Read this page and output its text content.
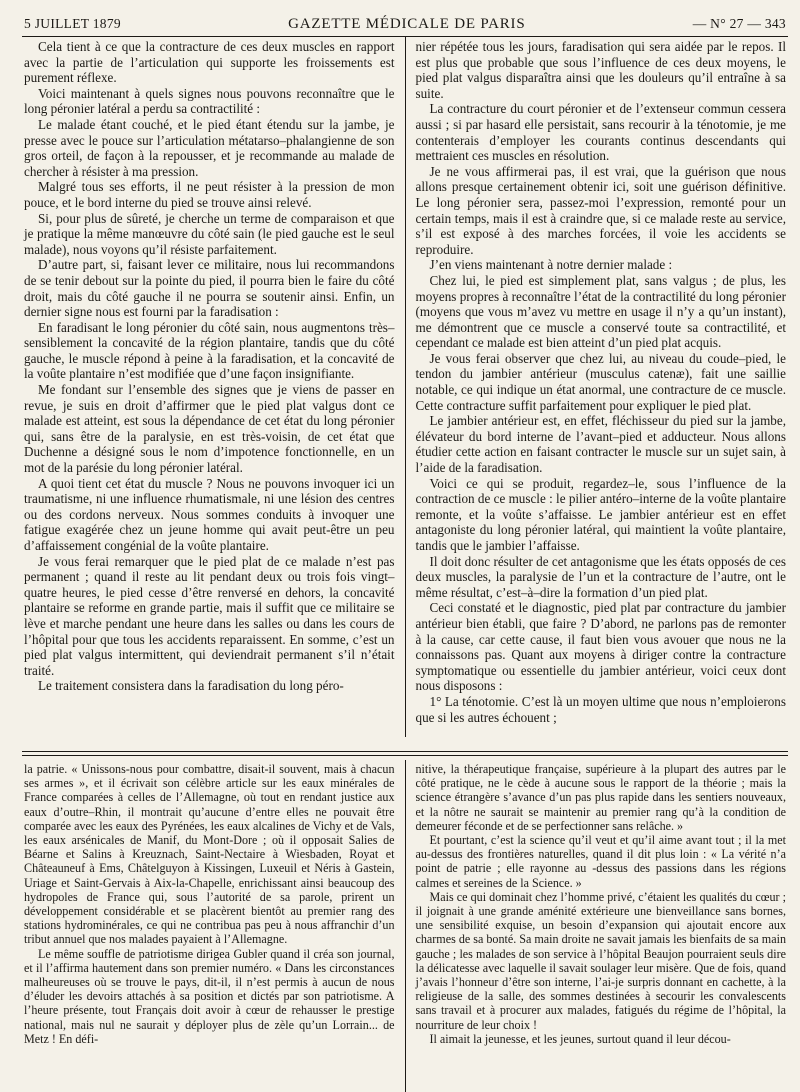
5 JUILLET 1879	GAZETTE MÉDICALE DE PARIS	— N° 27 — 343

Cela tient à ce que la contracture de ces deux muscles en rapport avec la partie de l’articulation qui supporte les froissements est purement réflexe.

Voici maintenant à quels signes nous pouvons reconnaître que le long péronier latéral a perdu sa contractilité :

Le malade étant couché, et le pied étant étendu sur la jambe, je presse avec le pouce sur l’articulation métatarso–phalangienne de son gros orteil, de façon à la repousser, et je recommande au malade de chercher à résister à ma pression.

Malgré tous ses efforts, il ne peut résister à la pression de mon pouce, et le bord interne du pied se trouve ainsi relevé.

Si, pour plus de sûreté, je cherche un terme de comparaison et que je pratique la même manœuvre du côté sain (le pied gauche est le seul malade), nous voyons qu’il résiste parfaitement.

D’autre part, si, faisant lever ce militaire, nous lui recommandons de se tenir debout sur la pointe du pied, il pourra bien le faire du côté droit, mais du côté gauche il ne pourra se soutenir ainsi. Enfin, un dernier signe nous est fourni par la faradisation :

En faradisant le long péronier du côté sain, nous augmentons très–sensiblement la concavité de la région plantaire, tandis que du côté gauche, le muscle répond à peine à la faradisation, et la concavité de la voûte plantaire n’est modifiée que d’une façon insignifiante.

Me fondant sur l’ensemble des signes que je viens de passer en revue, je suis en droit d’affirmer que le pied plat valgus dont ce malade est atteint, est sous la dépendance de cet état du long péronier qui, sans être de la paralysie, en est très-voisin, de cet état que Duchenne a désigné sous le nom d’impotence fonctionnelle, en un mot de la parésie du long péronier latéral.

A quoi tient cet état du muscle ? Nous ne pouvons invoquer ici un traumatisme, ni une influence rhumatismale, ni une lésion des centres ou des cordons nerveux. Nous sommes conduits à invoquer une fatigue exagérée chez un jeune homme qui avait peut-être un peu d’affaissement congénial de la voûte plantaire.

Je vous ferai remarquer que le pied plat de ce malade n’est pas permanent ; quand il reste au lit pendant deux ou trois fois vingt–quatre heures, le pied cesse d’être renversé en dehors, la concavité plantaire se reforme en grande partie, mais il suffit que ce militaire se lève et marche pendant une heure dans les salles ou dans les cours de l’hôpital pour que tous les accidents reparaissent. En somme, c’est un pied plat valgus intermittent, qui deviendrait permanent s’il n’était traité.

Le traitement consistera dans la faradisation du long péro-

nier répétée tous les jours, faradisation qui sera aidée par le repos. Il est plus que probable que sous l’influence de ces deux moyens, le pied plat valgus disparaîtra ainsi que les douleurs qu’il entraîne à sa suite.

La contracture du court péronier et de l’extenseur commun cessera aussi ; si par hasard elle persistait, sans recourir à la ténotomie, je me contenterais d’employer les courants continus descendants qui mettraient ces muscles en résolution.

Je ne vous affirmerai pas, il est vrai, que la guérison que nous allons presque certainement obtenir ici, soit une guérison définitive. Le long péronier sera, passez-moi l’expression, remonté pour un certain temps, mais il est à craindre que, si ce malade reste au service, s’il est exposé à des marches forcées, il voie les accidents se reproduire.

J’en viens maintenant à notre dernier malade :

Chez lui, le pied est simplement plat, sans valgus ; de plus, les moyens propres à reconnaître l’état de la contractilité du long péronier (moyens que vous m’avez vu mettre en usage il n’y a qu’un instant), me démontrent que ce muscle a conservé toute sa contractilité, et cependant ce malade est bien atteint d’un pied plat acquis.

Je vous ferai observer que chez lui, au niveau du coude–pied, le tendon du jambier antérieur (musculus catenæ), fait une saillie notable, ce qui indique un état anormal, une contracture de ce muscle. Cette contracture suffit parfaitement pour expliquer le pied plat.

Le jambier antérieur est, en effet, fléchisseur du pied sur la jambe, élévateur du bord interne de l’avant–pied et adducteur. Nous allons étudier cette action en faisant contracter le muscle sur un sujet sain, à l’aide de la faradisation.

Voici ce qui se produit, regardez–le, sous l’influence de la contraction de ce muscle : le pilier antéro–interne de la voûte plantaire remonte, et la voûte s’affaisse. Le jambier antérieur est en effet antagoniste du long péronier latéral, qui maintient la voûte plantaire, tandis que le jambier l’affaisse.

Il doit donc résulter de cet antagonisme que les états opposés de ces deux muscles, la paralysie de l’un et la contracture de l’autre, ont le même résultat, c’est–à–dire la formation d’un pied plat.

Ceci constaté et le diagnostic, pied plat par contracture du jambier antérieur bien établi, que faire ? D’abord, ne parlons pas de remonter à la cause, car cette cause, il faut bien vous avouer que nous ne la connaissons pas. Quant aux moyens à diriger contre la contracture symptomatique ou essentielle du jambier antérieur, voici ceux dont nous disposons :

1° La ténotomie. C’est là un moyen ultime que nous n’emploierons que si les autres échouent ;

la patrie. « Unissons-nous pour combattre, disait-il souvent, mais à chacun ses armes », et il écrivait son célèbre article sur les eaux minérales de France comparées à celles de l’Allemagne, où tout en rendant justice aux eaux d’outre–Rhin, il montrait qu’aucune d’entre elles ne pouvait être comparée avec les eaux des Pyrénées, les eaux alcalines de Vichy et de Vals, les eaux arsénicales de Manif, du Mont-Dore ; où il opposait Salies de Béarne et Salins à Kreuznach, Saint-Nectaire à Wiesbaden, Royat et Châteauneuf à Ems, Châtelguyon à Kissingen, Luxeuil et Néris à Gastein, Uriage et Saint-Gervais à Aix-la-Chapelle, enrichissant ainsi beaucoup des hydropoles de France qui, sous l’autorité de sa parole, prirent un développement considérable et se placèrent bientôt au premier rang des stations hydrominérales, ce qui ne contribua pas peu à nous affranchir d’un tribut annuel que nos malades payaient à l’Allemagne.

Le même souffle de patriotisme dirigea Gubler quand il créa son journal, et il l’affirma hautement dans son premier numéro. « Dans les circonstances malheureuses où se trouve le pays, dit-il, il n’est permis à aucun de nous d’éluder les devoirs attachés à sa position et dictés par son patriotisme. A l’heure présente, tout Français doit avoir à cœur de rehausser le prestige national, mais nul ne saurait y déployer plus de zèle qu’un Lorrain... de Metz ! En défi-

nitive, la thérapeutique française, supérieure à la plupart des autres par le côté pratique, ne le cède à aucune sous le rapport de la théorie ; mais la science étrangère s’avance d’un pas plus rapide dans les sentiers nouveaux, et la nôtre ne saurait se maintenir au premier rang qu’à la condition de demeurer féconde et de se perfectionner sans relâche. »

Et pourtant, c’est la science qu’il veut et qu’il aime avant tout ; il la met au-dessus des frontières naturelles, quand il dit plus loin : « La vérité n’a point de patrie ; elle rayonne au -dessus des passions dans les régions calmes et sereines de la Science. »

Mais ce qui dominait chez l’homme privé, c’étaient les qualités du cœur ; il joignait à une grande aménité extérieure une bienveillance sans bornes, une sensibilité exquise, un besoin d’expansion qui ajoutait encore aux charmes de sa bonté. Sa main droite ne savait jamais les bienfaits de sa main gauche ; les malades de son service à l’hôpital Beaujon pourraient seuls dire la délicatesse avec laquelle il savait soulager leur misère. Que de fois, quand j’avais l’honneur d’être son interne, l’ai-je surpris donnant en cachette, à la religieuse de la salle, des sommes destinées à secourir les convalescents sans travail et à procurer aux malades, fatigués du régime de l’hôpital, la nourriture de leur choix !

Il aimait la jeunesse, et les jeunes, surtout quand il leur décou-
